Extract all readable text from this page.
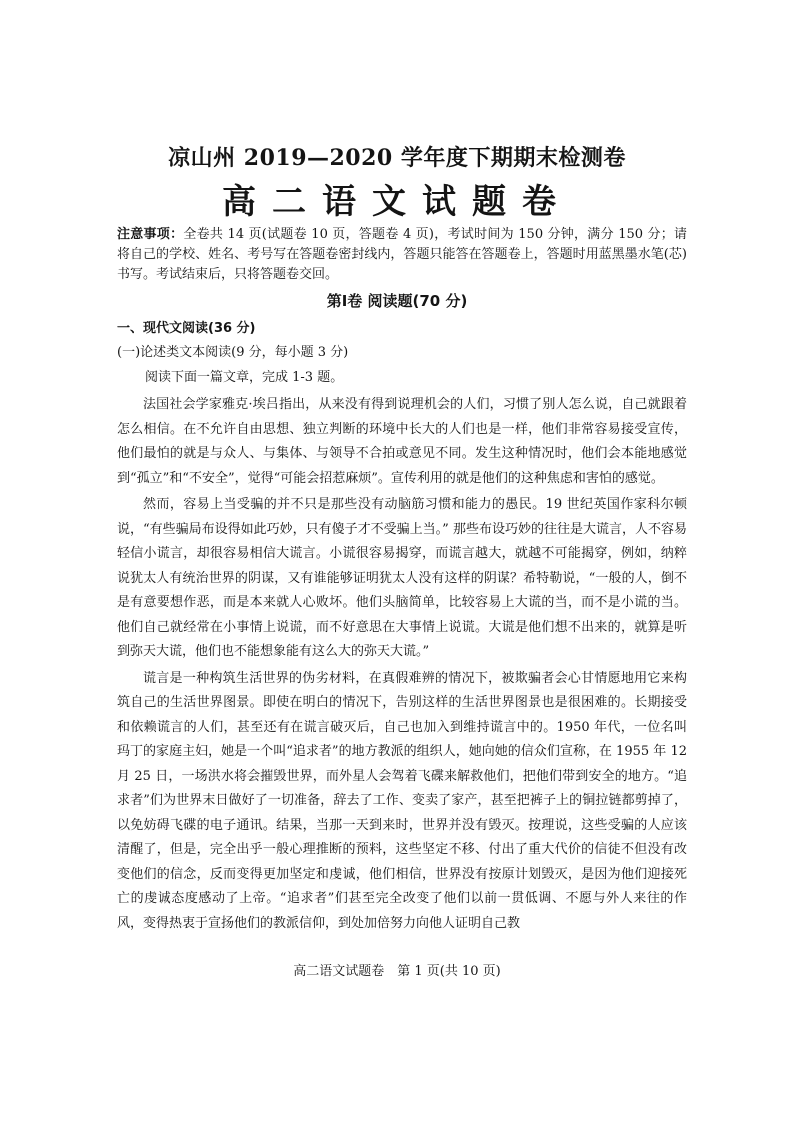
凉山州 2019—2020 学年度下期期末检测卷
高二语文试题卷
注意事项：全卷共 14 页(试题卷 10 页，答题卷 4 页)，考试时间为 150 分钟，满分 150 分；请将自己的学校、姓名、考号写在答题卷密封线内，答题只能答在答题卷上，答题时用蓝黑墨水笔(芯)书写。考试结束后，只将答题卷交回。
第Ⅰ卷 阅读题(70 分)
一、现代文阅读(36 分)
(一)论述类文本阅读(9 分，每小题 3 分)
阅读下面一篇文章，完成 1-3 题。

法国社会学家雅克·埃吕指出，从来没有得到说理机会的人们，习惯了别人怎么说，自己就跟着怎么相信。在不允许自由思想、独立判断的环境中长大的人们也是一样，他们非常容易接受宣传，他们最怕的就是与众人、与集体、与领导不合拍或意见不同。发生这种情况时，他们会本能地感觉到“孤立”和“不安全”，觉得“可能会招惹麻烦”。宣传利用的就是他们的这种焦虑和害怕的感觉。

然而，容易上当受骗的并不只是那些没有动脑筋习惯和能力的愚民。19 世纪英国作家科尔顿说，“有些骗局布设得如此巧妙，只有傻子才不受骗上当。” 那些布设巧妙的往往是大谎言，人不容易轻信小谎言，却很容易相信大谎言。小谎很容易揭穿，而谎言越大，就越不可能揭穿，例如，纳粹说犹太人有统治世界的阴谋，又有谁能够证明犹太人没有这样的阴谋？希特勒说，“一般的人，倒不是有意要想作恶，而是本来就人心败坏。他们头脑简单，比较容易上大谎的当，而不是小谎的当。他们自己就经常在小事情上说谎，而不好意思在大事情上说谎。大谎是他们想不出来的，就算是听到弥天大谎，他们也不能想象能有这么大的弥天大谎。”

谎言是一种构筑生活世界的伪劣材料，在真假难辨的情况下，被欺骗者会心甘情愿地用它来构筑自己的生活世界图景。即使在明白的情况下，告别这样的生活世界图景也是很困难的。长期接受和依赖谎言的人们，甚至还有在谎言破灭后，自己也加入到维持谎言中的。1950 年代，一位名叫玛丁的家庭主妇，她是一个叫“追求者”的地方教派的组织人，她向她的信众们宣称，在 1955 年 12 月 25 日，一场洪水将会摧毁世界，而外星人会驾着飞碟来解救他们，把他们带到安全的地方。“追求者”们为世界末日做好了一切准备，辞去了工作、变卖了家产，甚至把裤子上的铜拉链都剪掉了，以免妨碍飞碟的电子通讯。结果，当那一天到来时，世界并没有毁灭。按理说，这些受骗的人应该清醒了，但是，完全出乎一般心理推断的预料，这些坚定不移、付出了重大代价的信徒不但没有改变他们的信念，反而变得更加坚定和虔诚，他们相信，世界没有按原计划毁灭，是因为他们迎接死亡的虔诚态度感动了上帝。“追求者”们甚至完全改变了他们以前一贯低调、不愿与外人来往的作风，变得热衷于宣扬他们的教派信仰，到处加倍努力向他人证明自己教

高二语文试题卷　第 1 页(共 10 页)
